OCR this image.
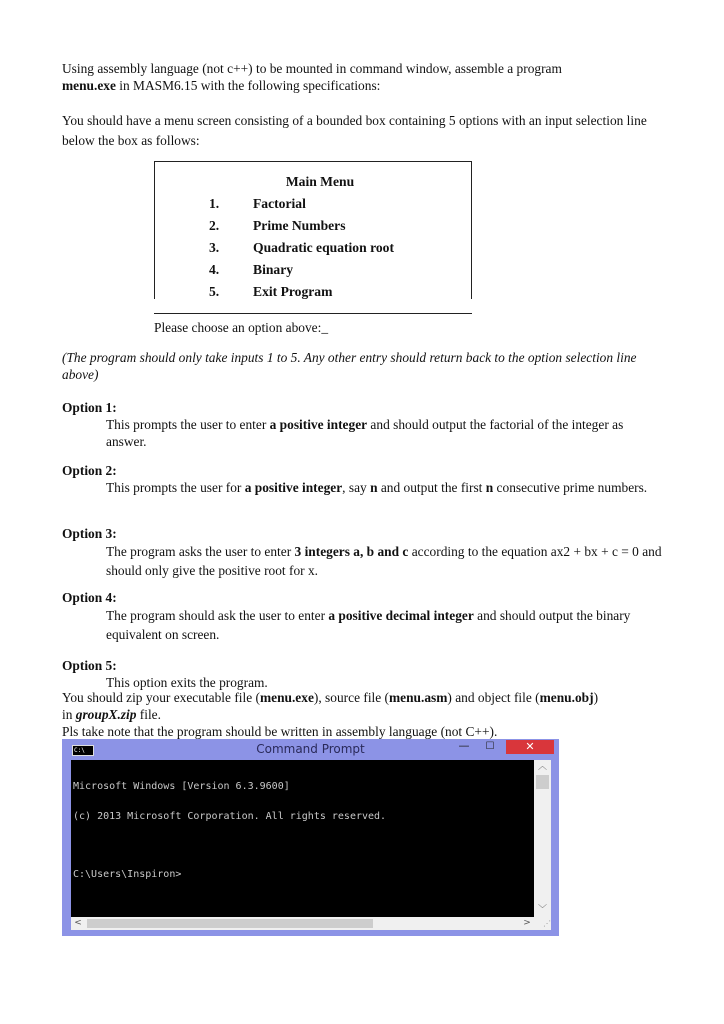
Using assembly language (not c++) to be mounted in command window, assemble a program
menu.exe in MASM6.15 with the following specifications:

You should have a menu screen consisting of a bounded box containing 5 options with an input selection line below the box as follows:

Main Menu
1. Factorial
2. Prime Numbers
3. Quadratic equation root
4. Binary
5. Exit Program
Please choose an option above:_
(The program should only take inputs 1 to 5. Any other entry should return back to the option selection line above)
Option 1:
This prompts the user to enter a positive integer and should output the factorial of the integer as answer.
Option 2:
This prompts the user for a positive integer, say n and output the first n consecutive prime numbers.
Option 3:
The program asks the user to enter 3 integers a, b and c according to the equation ax2 + bx + c = 0 and should only give the positive root for x.
Option 4:
The program should ask the user to enter a positive decimal integer and should output the binary equivalent on screen.
Option 5:
This option exits the program.
You should zip your executable file (menu.exe), source file (menu.asm) and object file (menu.obj)
in groupX.zip file.
Pls take note that the program should be written in assembly language (not C++).
C:\	Command Prompt	—	☐	✕

Microsoft Windows [Version 6.3.9600]

(c) 2013 Microsoft Corporation. All rights reserved.

C:\Users\Inspiron>

︿
﹀
<	>	⋰
